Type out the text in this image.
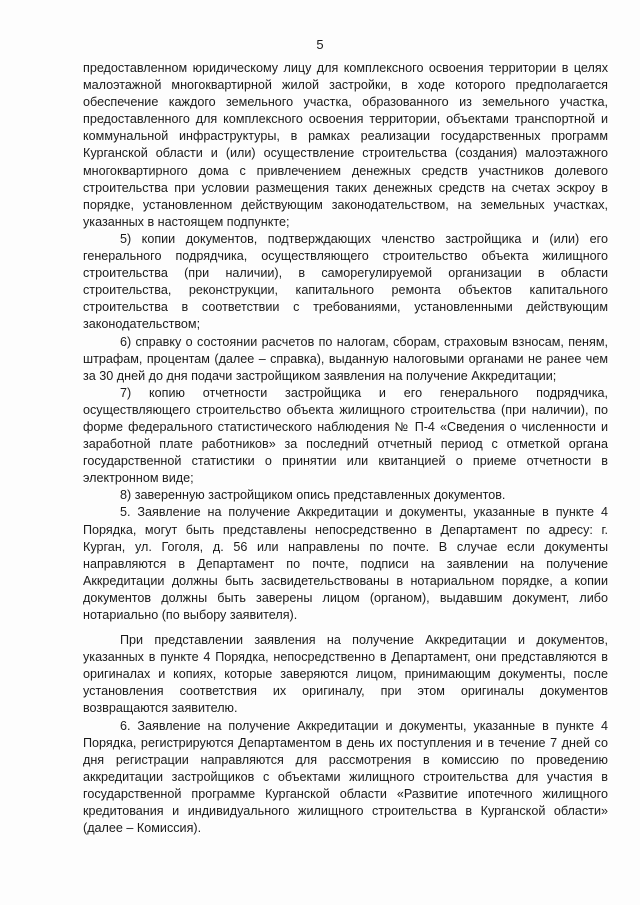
5

предоставленном юридическому лицу для комплексного освоения территории в целях малоэтажной многоквартирной жилой застройки, в ходе которого предполагается обеспечение каждого земельного участка, образованного из земельного участка, предоставленного для комплексного освоения территории, объектами транспортной и коммунальной инфраструктуры, в рамках реализации государственных программ Курганской области и (или) осуществление строительства (создания) малоэтажного многоквартирного дома с привлечением денежных средств участников долевого строительства при условии размещения таких денежных средств на счетах эскроу в порядке, установленном действующим законодательством, на земельных участках, указанных в настоящем подпункте;

5) копии документов, подтверждающих членство застройщика и (или) его генерального подрядчика, осуществляющего строительство объекта жилищного строительства (при наличии), в саморегулируемой организации в области строительства, реконструкции, капитального ремонта объектов капитального строительства в соответствии с требованиями, установленными действующим законодательством;

6) справку о состоянии расчетов по налогам, сборам, страховым взносам, пеням, штрафам, процентам (далее – справка), выданную налоговыми органами не ранее чем за 30 дней до дня подачи застройщиком заявления на получение Аккредитации;

7) копию отчетности застройщика и его генерального подрядчика, осуществляющего строительство объекта жилищного строительства (при наличии), по форме федерального статистического наблюдения № П-4 «Сведения о численности и заработной плате работников» за последний отчетный период с отметкой органа государственной статистики о принятии или квитанцией о приеме отчетности в электронном виде;

8) заверенную застройщиком опись представленных документов.

5. Заявление на получение Аккредитации и документы, указанные в пункте 4 Порядка, могут быть представлены непосредственно в Департамент по адресу: г. Курган, ул. Гоголя, д. 56 или направлены по почте. В случае если документы направляются в Департамент по почте, подписи на заявлении на получение Аккредитации должны быть засвидетельствованы в нотариальном порядке, а копии документов должны быть заверены лицом (органом), выдавшим документ, либо нотариально (по выбору заявителя).

При представлении заявления на получение Аккредитации и документов, указанных в пункте 4 Порядка, непосредственно в Департамент, они представляются в оригиналах и копиях, которые заверяются лицом, принимающим документы, после установления соответствия их оригиналу, при этом оригиналы документов возвращаются заявителю.

6. Заявление на получение Аккредитации и документы, указанные в пункте 4 Порядка, регистрируются Департаментом в день их поступления и в течение 7 дней со дня регистрации направляются для рассмотрения в комиссию по проведению аккредитации застройщиков с объектами жилищного строительства для участия в государственной программе Курганской области «Развитие ипотечного жилищного кредитования и индивидуального жилищного строительства в Курганской области» (далее – Комиссия).
